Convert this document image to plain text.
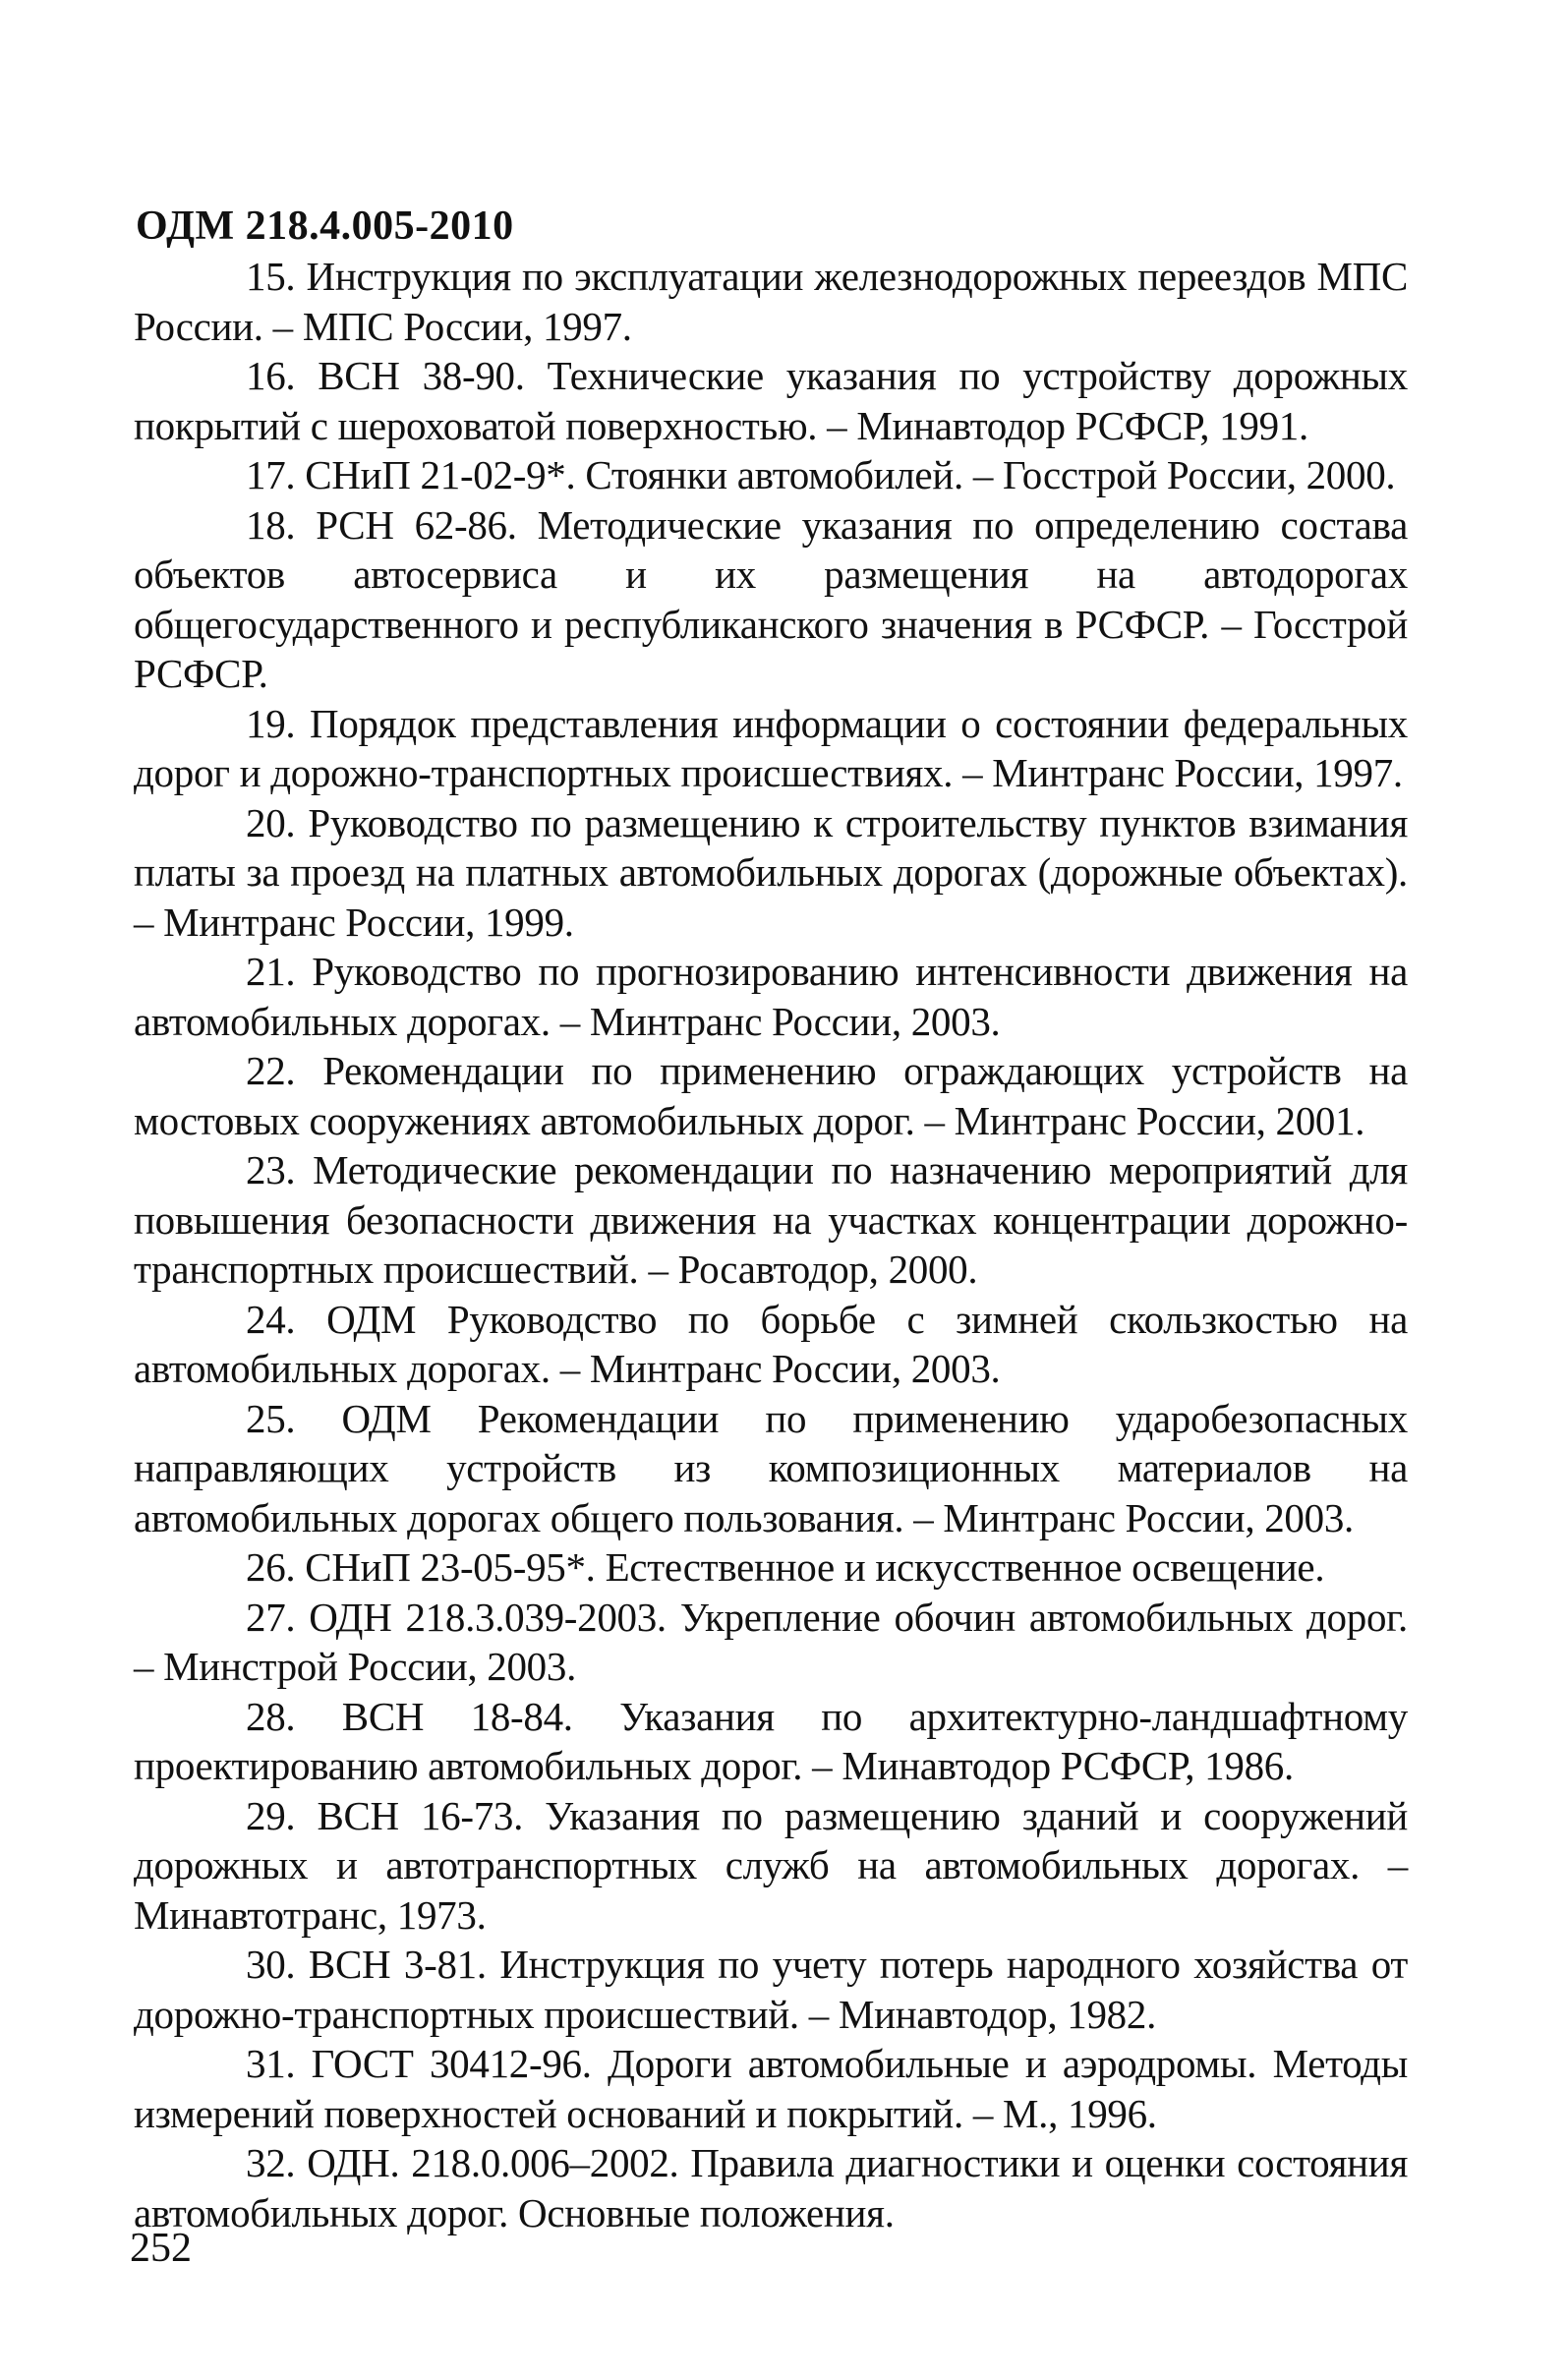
ОДМ 218.4.005-2010

15. Инструкция по эксплуатации железнодорожных переездов МПС России. – МПС России, 1997.

16. ВСН 38-90. Технические указания по устройству дорожных покрытий с шероховатой поверхностью. – Минавтодор РСФСР, 1991.

17. СНиП 21-02-9*. Стоянки автомобилей. – Госстрой России, 2000.

18. РСН 62-86. Методические указания по определению состава объектов автосервиса и их размещения на автодорогах общегосударственного и республиканского значения в РСФСР. – Госстрой РСФСР.

19. Порядок представления информации о состоянии федеральных дорог и дорожно-транспортных происшествиях. – Минтранс России, 1997.

20. Руководство по размещению к строительству пунктов взимания платы за проезд на платных автомобильных дорогах (дорожные объектах). – Минтранс России, 1999.

21. Руководство по прогнозированию интенсивности движения на автомобильных дорогах. – Минтранс России, 2003.

22. Рекомендации по применению ограждающих устройств на мостовых сооружениях автомобильных дорог. – Минтранс России, 2001.

23. Методические рекомендации по назначению мероприятий для повышения безопасности движения на участках концентрации дорожно-транспортных происшествий. – Росавтодор, 2000.

24. ОДМ Руководство по борьбе с зимней скользкостью на автомобильных дорогах. – Минтранс России, 2003.

25. ОДМ Рекомендации по применению ударобезопасных направляющих устройств из композиционных материалов на автомобильных дорогах общего пользования. – Минтранс России, 2003.

26. СНиП 23-05-95*. Естественное и искусственное освещение.

27. ОДН 218.3.039-2003. Укрепление обочин автомобильных дорог. – Минстрой России, 2003.

28. ВСН 18-84. Указания по архитектурно-ландшафтному проектированию автомобильных дорог. – Минавтодор РСФСР, 1986.

29. ВСН 16-73. Указания по размещению зданий и сооружений дорожных и автотранспортных служб на автомобильных дорогах. – Минавтотранс, 1973.

30. ВСН 3-81. Инструкция по учету потерь народного хозяйства от дорожно-транспортных происшествий. – Минавтодор, 1982.

31. ГОСТ 30412-96. Дороги автомобильные и аэродромы. Методы измерений поверхностей оснований и покрытий. – М., 1996.

32. ОДН. 218.0.006–2002. Правила диагностики и оценки состояния автомобильных дорог. Основные положения.

252
